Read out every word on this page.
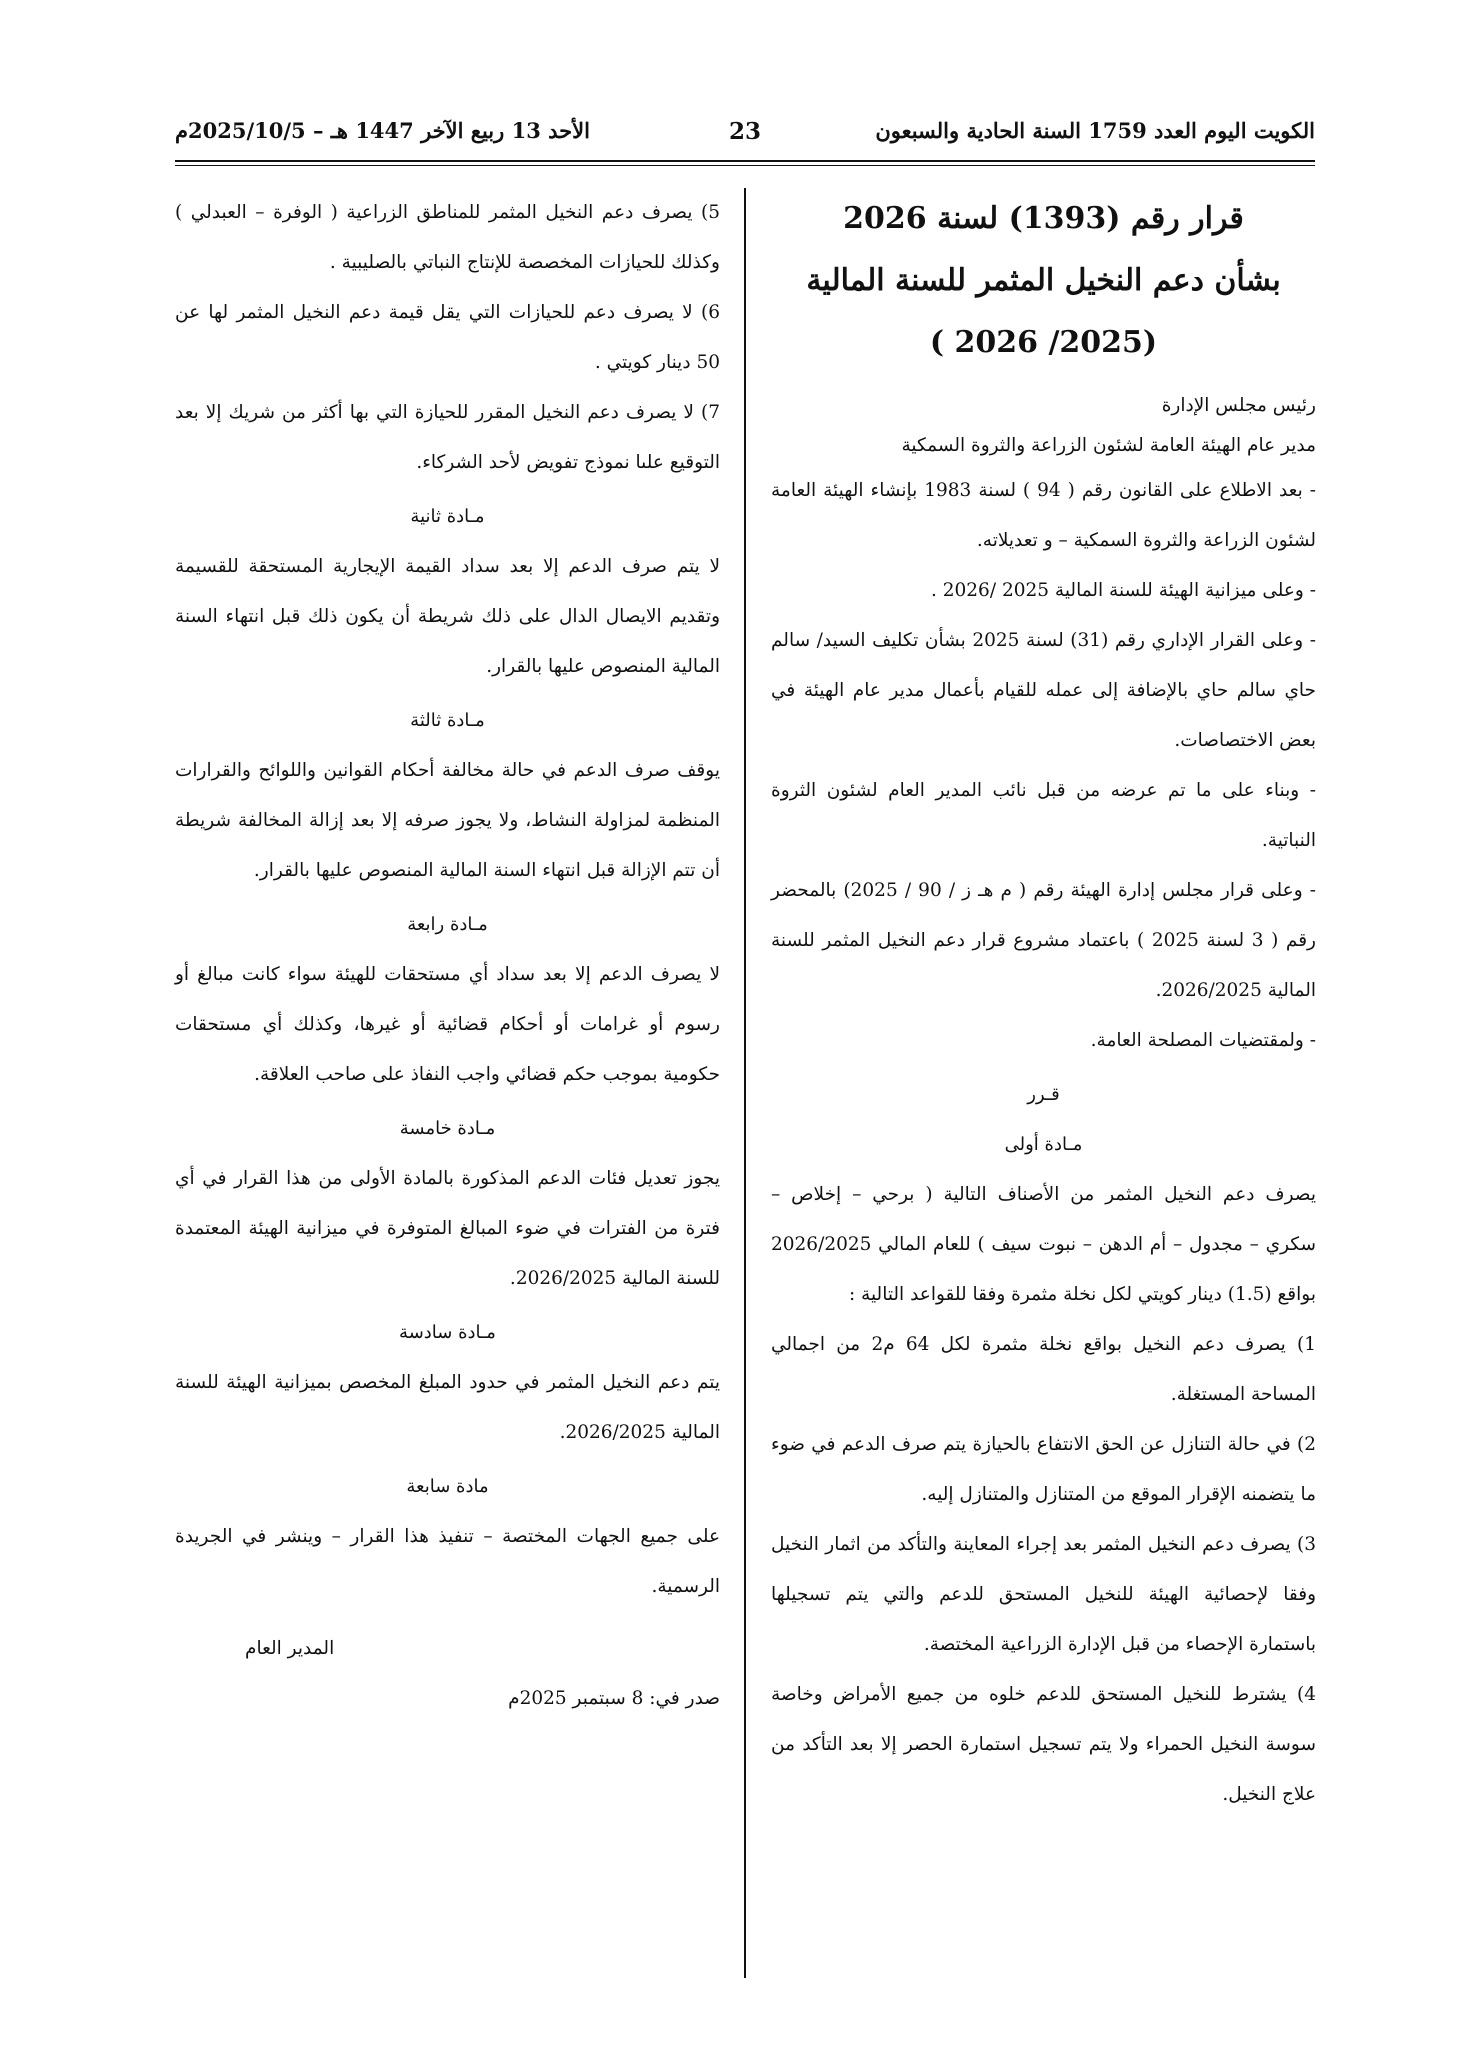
الكويت اليوم العدد 1759 السنة الحادية والسبعون
23
الأحد 13 ربيع الآخر 1447 هـ – 2025/10/5م

قرار رقم (1393) لسنة 2026

بشأن دعم النخيل المثمر للسنة المالية

(2025/ 2026 )

رئيس مجلس الإدارة

مدير عام الهيئة العامة لشئون الزراعة والثروة السمكية

- بعد الاطلاع على القانون رقم ( 94 ) لسنة 1983 بإنشاء الهيئة العامة لشئون الزراعة والثروة السمكية – و تعديلاته.

- وعلى ميزانية الهيئة للسنة المالية 2025 /2026 .

- وعلى القرار الإداري رقم (31) لسنة 2025 بشأن تكليف السيد/ سالم حاي سالم حاي بالإضافة إلى عمله للقيام بأعمال مدير عام الهيئة في بعض الاختصاصات.

- وبناء على ما تم عرضه من قبل نائب المدير العام لشئون الثروة النباتية.

- وعلى قرار مجلس إدارة الهيئة رقم ( م هـ ز / 90 / 2025) بالمحضر رقم ( 3 لسنة 2025 ) باعتماد مشروع قرار دعم النخيل المثمر للسنة المالية 2026/2025.

- ولمقتضيات المصلحة العامة.

قـرر

مـادة أولى

يصرف دعم النخيل المثمر من الأصناف التالية ( برحي – إخلاص – سكري – مجدول – أم الدهن – نبوت سيف ) للعام المالي 2026/2025 بواقع (1.5) دينار كويتي لكل نخلة مثمرة وفقا للقواعد التالية :

1) يصرف دعم النخيل بواقع نخلة مثمرة لكل 64 م2 من اجمالي المساحة المستغلة.

2) في حالة التنازل عن الحق الانتفاع بالحيازة يتم صرف الدعم في ضوء ما يتضمنه الإقرار الموقع من المتنازل والمتنازل إليه.

3) يصرف دعم النخيل المثمر بعد إجراء المعاينة والتأكد من اثمار النخيل وفقا لإحصائية الهيئة للنخيل المستحق للدعم والتي يتم تسجيلها باستمارة الإحصاء من قبل الإدارة الزراعية المختصة.

4) يشترط للنخيل المستحق للدعم خلوه من جميع الأمراض وخاصة سوسة النخيل الحمراء ولا يتم تسجيل استمارة الحصر إلا بعد التأكد من علاج النخيل.

5) يصرف دعم النخيل المثمر للمناطق الزراعية ( الوفرة – العبدلي ) وكذلك للحيازات المخصصة للإنتاج النباتي بالصليبية .

6) لا يصرف دعم للحيازات التي يقل قيمة دعم النخيل المثمر لها عن 50 دينار كويتي .

7) لا يصرف دعم النخيل المقرر للحيازة التي بها أكثر من شريك إلا بعد التوقيع علىا نموذج تفويض لأحد الشركاء.

مـادة ثانية

لا يتم صرف الدعم إلا بعد سداد القيمة الإيجارية المستحقة للقسيمة وتقديم الايصال الدال على ذلك شريطة أن يكون ذلك قبل انتهاء السنة المالية المنصوص عليها بالقرار.

مـادة ثالثة

يوقف صرف الدعم في حالة مخالفة أحكام القوانين واللوائح والقرارات المنظمة لمزاولة النشاط، ولا يجوز صرفه إلا بعد إزالة المخالفة شريطة أن تتم الإزالة قبل انتهاء السنة المالية المنصوص عليها بالقرار.

مـادة رابعة

لا يصرف الدعم إلا بعد سداد أي مستحقات للهيئة سواء كانت مبالغ أو رسوم أو غرامات أو أحكام قضائية أو غيرها، وكذلك أي مستحقات حكومية بموجب حكم قضائي واجب النفاذ على صاحب العلاقة.

مـادة خامسة

يجوز تعديل فئات الدعم المذكورة بالمادة الأولى من هذا القرار في أي فترة من الفترات في ضوء المبالغ المتوفرة في ميزانية الهيئة المعتمدة للسنة المالية 2026/2025.

مـادة سادسة

يتم دعم النخيل المثمر في حدود المبلغ المخصص بميزانية الهيئة للسنة المالية 2026/2025.

مادة سابعة

على جميع الجهات المختصة – تنفيذ هذا القرار – وينشر في الجريدة الرسمية.

المدير العام

صدر في: 8 سبتمبر 2025م
